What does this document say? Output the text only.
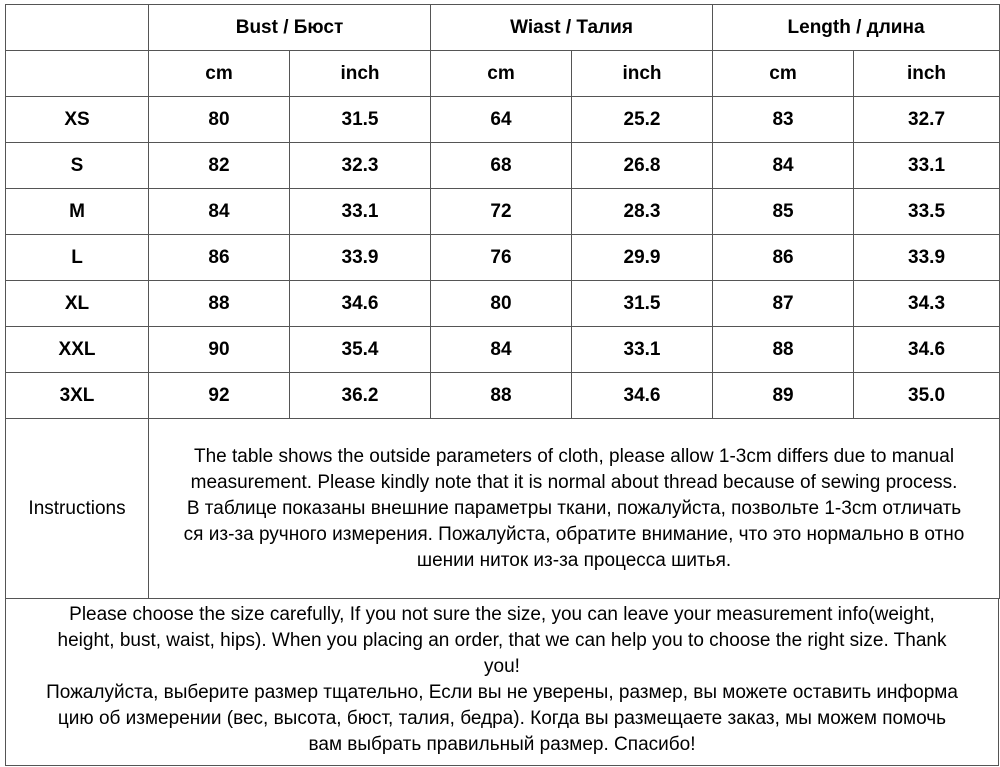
	Bust / Бюст		Wiast / Талия		Length / длина	
	cm	inch	cm	inch	cm	inch
XS	80	31.5	64	25.2	83	32.7
S	82	32.3	68	26.8	84	33.1
M	84	33.1	72	28.3	85	33.5
L	86	33.9	76	29.9	86	33.9
XL	88	34.6	80	31.5	87	34.3
XXL	90	35.4	84	33.1	88	34.6
3XL	92	36.2	88	34.6	89	35.0
Instructions	The table shows the outside parameters of cloth, please allow 1-3cm differs due to manual
measurement. Please kindly note that it is normal about thread because of sewing process.
В таблице показаны внешние параметры ткани, пожалуйста, позвольте 1-3cm отличать
ся из-за ручного измерения. Пожалуйста, обратите внимание, что это нормально в отно
шении ниток из-за процесса шитья.					
Please choose the size carefully, If you not sure the size, you can leave your measurement info(weight,
height, bust, waist, hips). When you placing an order, that we can help you to choose the right size. Thank
you!
Пожалуйста, выберите размер тщательно, Если вы не уверены, размер, вы можете оставить информа
цию об измерении (вес, высота, бюст, талия, бедра). Когда вы размещаете заказ, мы можем помочь
вам выбрать правильный размер. Спасибо!
